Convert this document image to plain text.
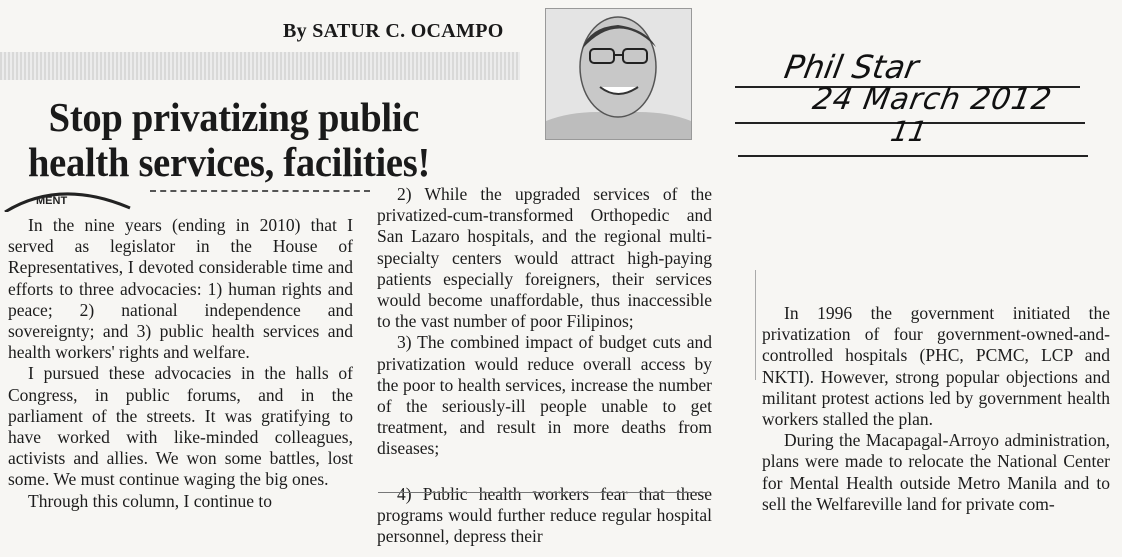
By SATUR C. OCAMPO
Stop privatizing public
health services, facilities!
MENT
Phil Star
24 March 2012
11

In the nine years (ending in 2010) that I served as legislator in the House of Representatives, I devoted considerable time and efforts to three advocacies: 1) human rights and peace; 2) national independence and sovereignty; and 3) public health services and health workers' rights and welfare.

I pursued these advocacies in the halls of Congress, in public forums, and in the parliament of the streets. It was gratifying to have worked with like-minded colleagues, activists and allies. We won some battles, lost some. We must continue waging the big ones.

Through this column, I continue to

2) While the upgraded services of the privatized-cum-transformed Orthopedic and San Lazaro hospitals, and the regional multi-specialty centers would attract high-paying patients especially foreigners, their services would become unaffordable, thus inaccessible to the vast number of poor Filipinos;

3) The combined impact of budget cuts and privatization would reduce overall access by the poor to health services, increase the number of the seriously-ill people unable to get treatment, and result in more deaths from diseases;

4) Public health workers fear that these programs would further reduce regular hospital personnel, depress their

In 1996 the government initiated the privatization of four government-owned-and-controlled hospitals (PHC, PCMC, LCP and NKTI). However, strong popular objections and militant protest actions led by government health workers stalled the plan.

During the Macapagal-Arroyo administration, plans were made to relocate the National Center for Mental Health outside Metro Manila and to sell the Welfareville land for private com-
